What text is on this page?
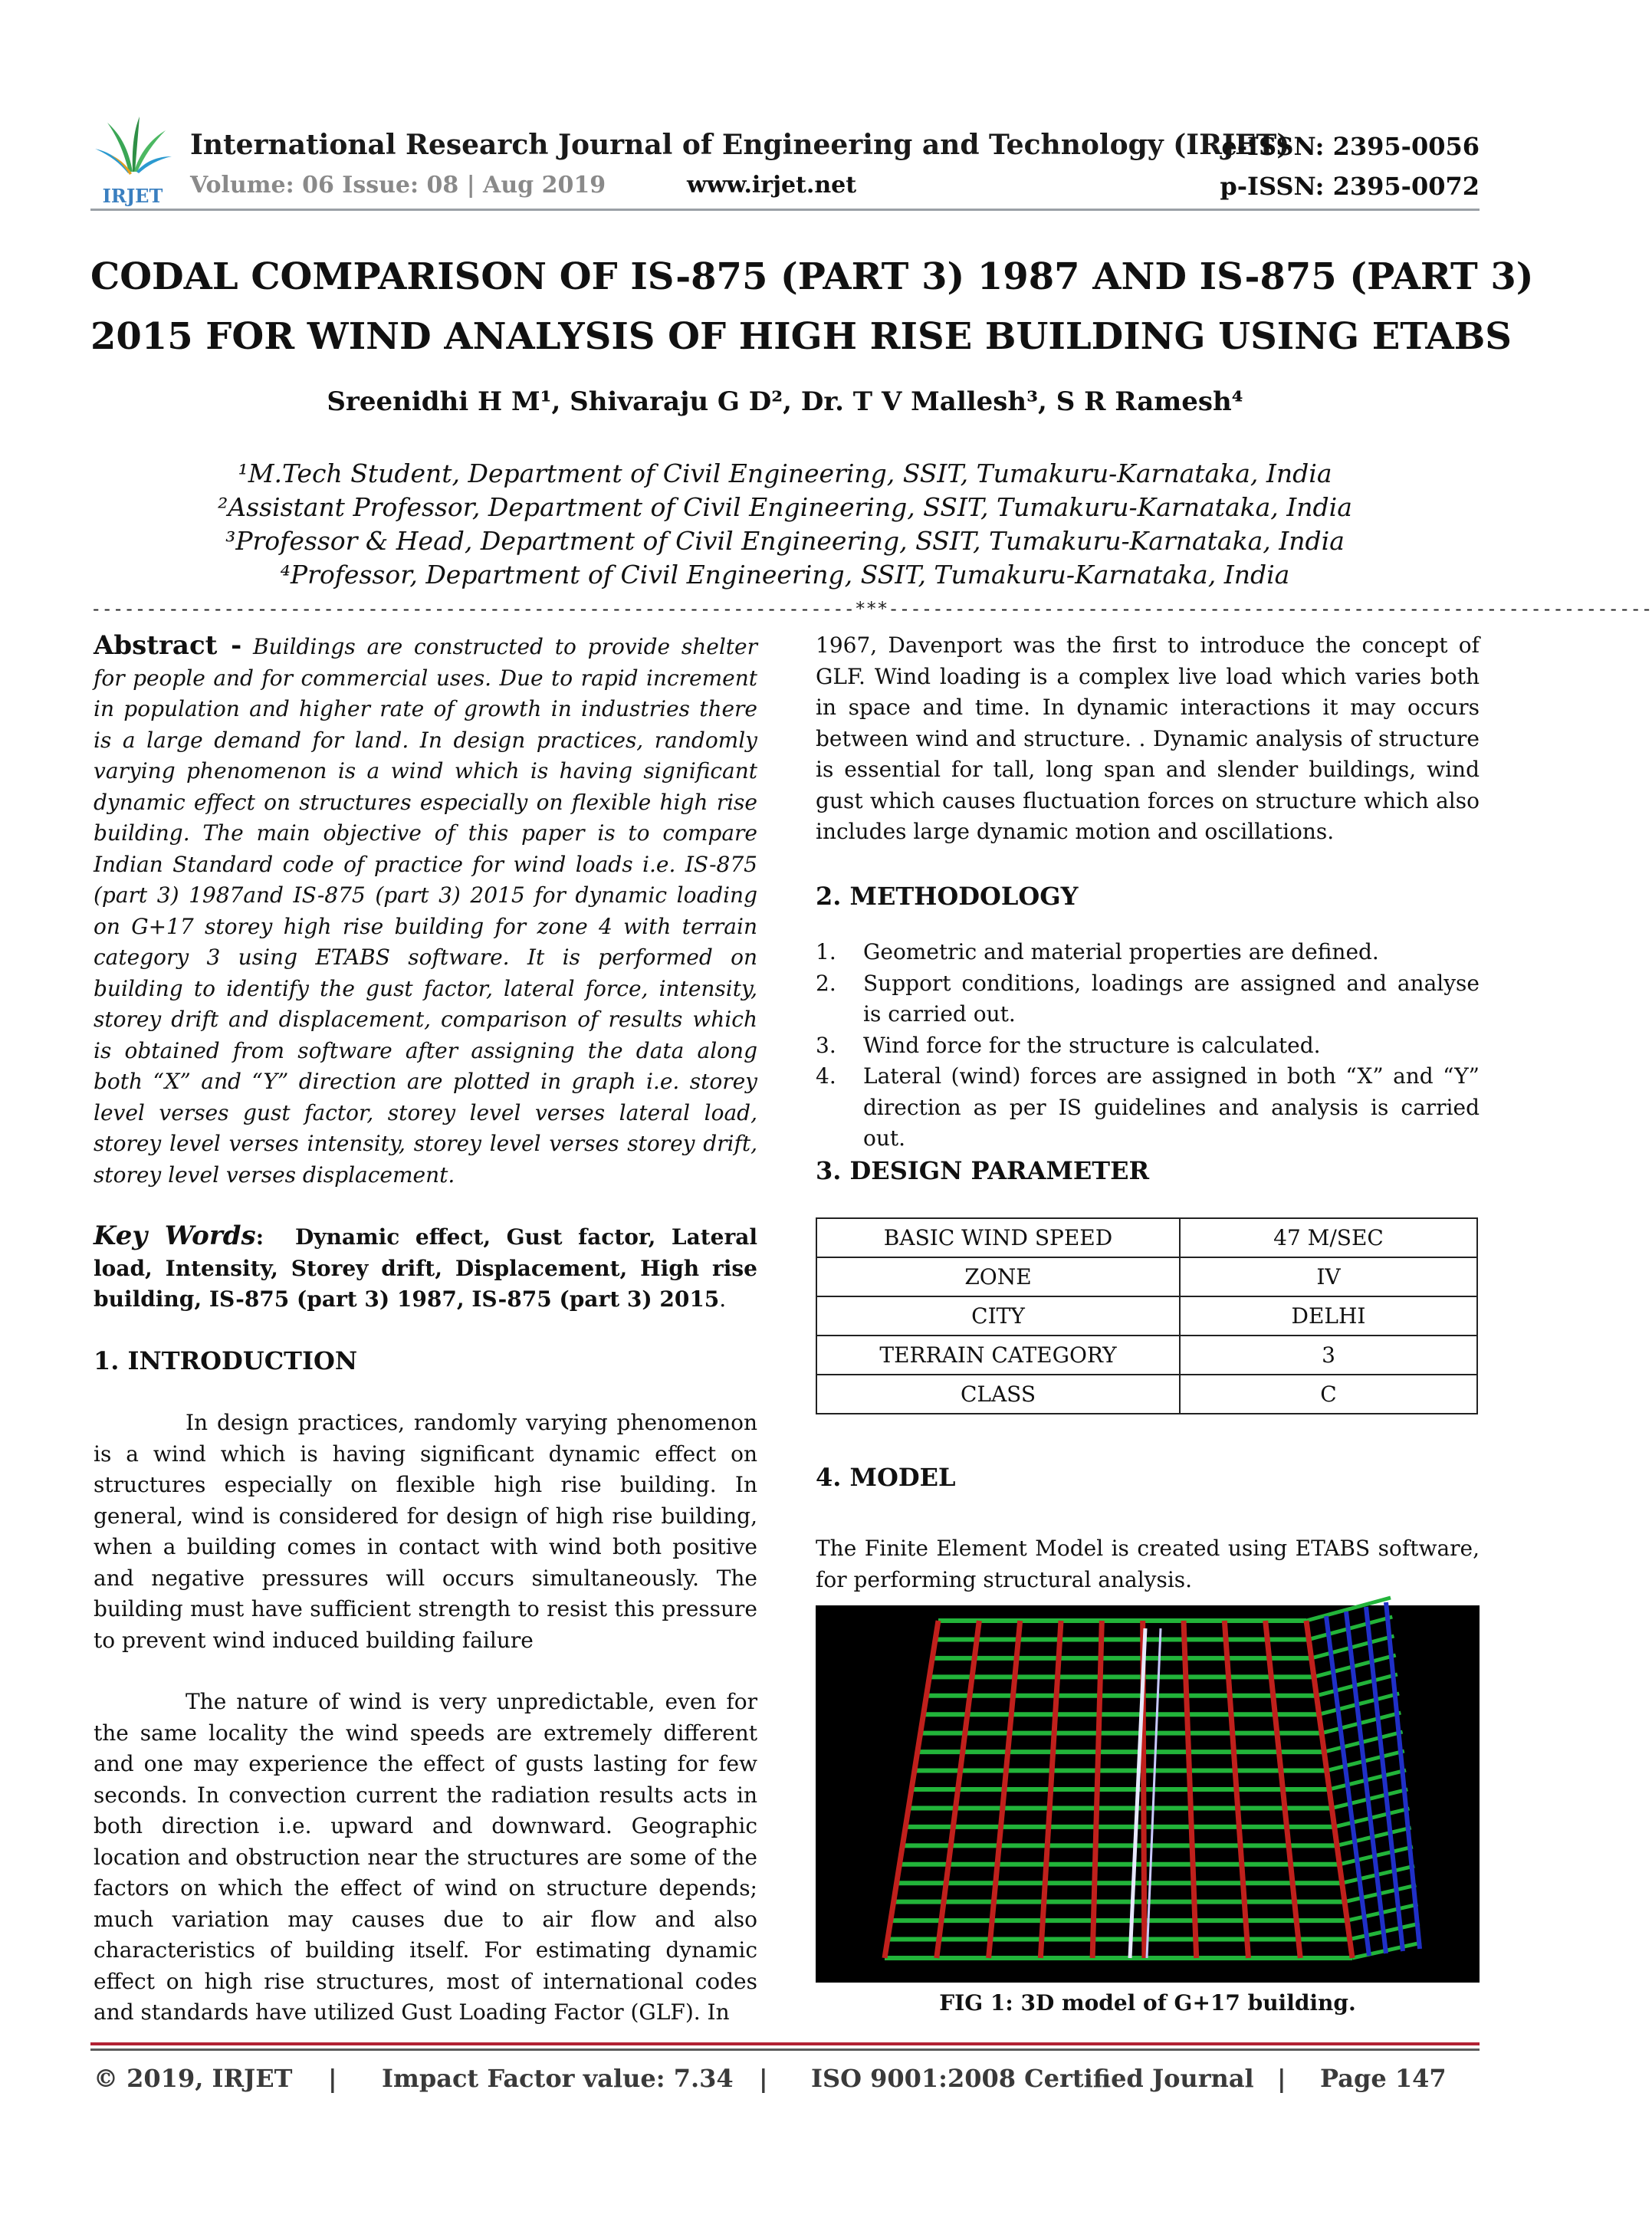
IRJET
International Research Journal of Engineering and Technology (IRJET)
e-ISSN: 2395-0056
Volume: 06 Issue: 08 | Aug 2019	www.irjet.net	p-ISSN: 2395-0072
CODAL COMPARISON OF IS-875 (PART 3) 1987 AND IS-875 (PART 3)
2015 FOR WIND ANALYSIS OF HIGH RISE BUILDING USING ETABS
Sreenidhi H M¹, Shivaraju G D², Dr. T V Mallesh³, S R Ramesh⁴
¹M.Tech Student, Department of Civil Engineering, SSIT, Tumakuru-Karnataka, India
²Assistant Professor, Department of Civil Engineering, SSIT, Tumakuru-Karnataka, India
³Professor & Head, Department of Civil Engineering, SSIT, Tumakuru-Karnataka, India
⁴Professor, Department of Civil Engineering, SSIT, Tumakuru-Karnataka, India
---------------------------------------------------------------------***---------------------------------------------------------------------
Abstract - Buildings are constructed to provide shelter for people and for commercial uses. Due to rapid increment in population and higher rate of growth in industries there is a large demand for land. In design practices, randomly varying phenomenon is a wind which is having significant dynamic effect on structures especially on flexible high rise building. The main objective of this paper is to compare Indian Standard code of practice for wind loads i.e. IS-875 (part 3) 1987and IS-875 (part 3) 2015 for dynamic loading on G+17 storey high rise building for zone 4 with terrain category 3 using ETABS software. It is performed on building to identify the gust factor, lateral force, intensity, storey drift and displacement, comparison of results which is obtained from software after assigning the data along both “X” and “Y” direction are plotted in graph i.e. storey level verses gust factor, storey level verses lateral load, storey level verses intensity, storey level verses storey drift, storey level verses displacement.
Key Words:  Dynamic effect, Gust factor, Lateral load, Intensity, Storey drift, Displacement, High rise building, IS-875 (part 3) 1987, IS-875 (part 3) 2015.
1. INTRODUCTION
In design practices, randomly varying phenomenon is a wind which is having significant dynamic effect on structures especially on flexible high rise building. In general, wind is considered for design of high rise building, when a building comes in contact with wind both positive and negative pressures will occurs simultaneously. The building must have sufficient strength to resist this pressure to prevent wind induced building failure
The nature of wind is very unpredictable, even for the same locality the wind speeds are extremely different and one may experience the effect of gusts lasting for few seconds. In convection current the radiation results acts in both direction i.e. upward and downward. Geographic location and obstruction near the structures are some of the factors on which the effect of wind on structure depends; much variation may causes due to air flow and also characteristics of building itself. For estimating dynamic effect on high rise structures, most of international codes and standards have utilized Gust Loading Factor (GLF). In
1967, Davenport was the first to introduce the concept of GLF. Wind loading is a complex live load which varies both in space and time. In dynamic interactions it may occurs between wind and structure. . Dynamic analysis of structure is essential for tall, long span and slender buildings, wind gust which causes fluctuation forces on structure which also includes large dynamic motion and oscillations.
2. METHODOLOGY
1. Geometric and material properties are defined.
2. Support conditions, loadings are assigned and analyse is carried out.
3. Wind force for the structure is calculated.
4. Lateral (wind) forces are assigned in both “X” and “Y” direction as per IS guidelines and analysis is carried out.
3. DESIGN PARAMETER
BASIC WIND SPEED	47 M/SEC
ZONE	IV
CITY	DELHI
TERRAIN CATEGORY	3
CLASS	C
4. MODEL
The Finite Element Model is created using ETABS software, for performing structural analysis.
FIG 1: 3D model of G+17 building.
© 2019, IRJET | Impact Factor value: 7.34 | ISO 9001:2008 Certified Journal | Page 147
